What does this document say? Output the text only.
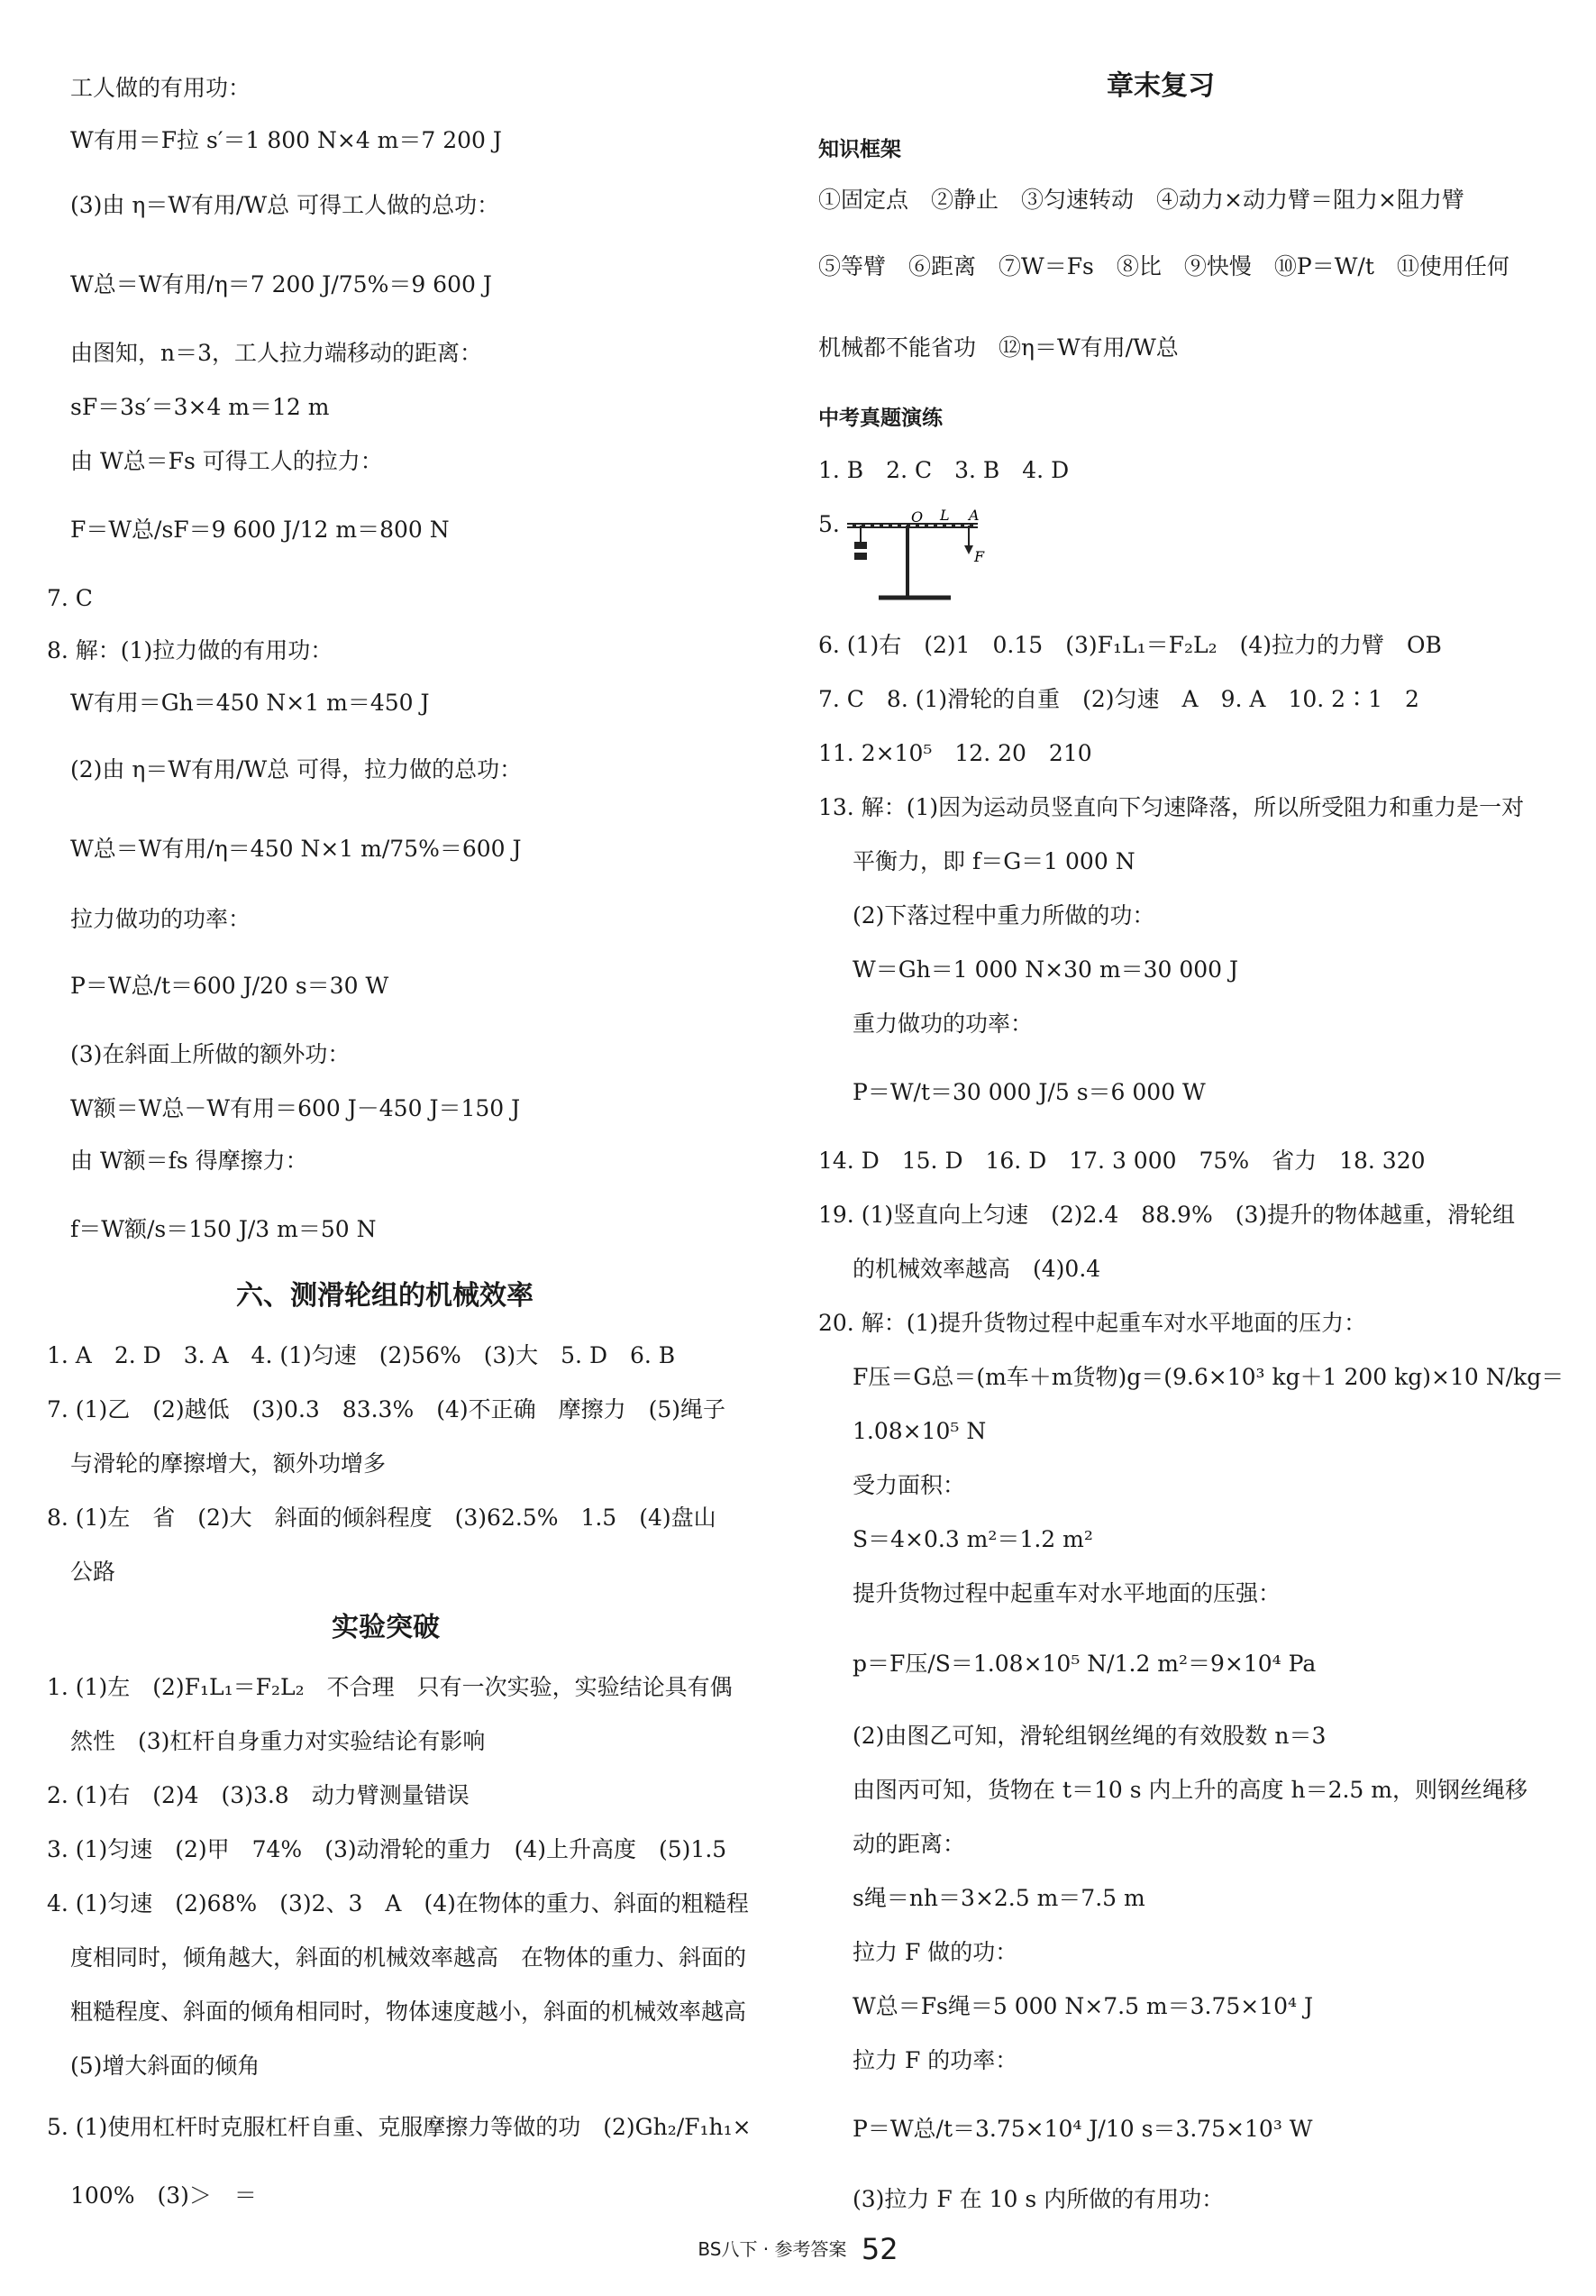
O L A
F
BS八下 · 参考答案 52
工人做的有用功：
W有用＝F拉 s′＝1 800 N×4 m＝7 200 J
(3)由 η＝W有用/W总 可得工人做的总功：
W总＝W有用/η＝7 200 J/75%＝9 600 J
由图知，n＝3，工人拉力端移动的距离：
sF＝3s′＝3×4 m＝12 m
由 W总＝Fs 可得工人的拉力：
F＝W总/sF＝9 600 J/12 m＝800 N
7. C
8. 解：(1)拉力做的有用功：
W有用＝Gh＝450 N×1 m＝450 J
(2)由 η＝W有用/W总 可得，拉力做的总功：
W总＝W有用/η＝450 N×1 m/75%＝600 J
拉力做功的功率：
P＝W总/t＝600 J/20 s＝30 W
(3)在斜面上所做的额外功：
W额＝W总－W有用＝600 J－450 J＝150 J
由 W额＝fs 得摩擦力：
f＝W额/s＝150 J/3 m＝50 N
六、测滑轮组的机械效率
1. A　2. D　3. A　4. (1)匀速　(2)56%　(3)大　5. D　6. B
7. (1)乙　(2)越低　(3)0.3　83.3%　(4)不正确　摩擦力　(5)绳子
与滑轮的摩擦增大，额外功增多
8. (1)左　省　(2)大　斜面的倾斜程度　(3)62.5%　1.5　(4)盘山
公路
实验突破
1. (1)左　(2)F₁L₁＝F₂L₂　不合理　只有一次实验，实验结论具有偶
然性　(3)杠杆自身重力对实验结论有影响
2. (1)右　(2)4　(3)3.8　动力臂测量错误
3. (1)匀速　(2)甲　74%　(3)动滑轮的重力　(4)上升高度　(5)1.5
4. (1)匀速　(2)68%　(3)2、3　A　(4)在物体的重力、斜面的粗糙程
度相同时，倾角越大，斜面的机械效率越高　在物体的重力、斜面的
粗糙程度、斜面的倾角相同时，物体速度越小，斜面的机械效率越高
(5)增大斜面的倾角
5. (1)使用杠杆时克服杠杆自重、克服摩擦力等做的功　(2)Gh₂/F₁h₁×
100%　(3)＞　＝
章末复习
知识框架
①固定点　②静止　③匀速转动　④动力×动力臂＝阻力×阻力臂
⑤等臂　⑥距离　⑦W＝Fs　⑧比　⑨快慢　⑩P＝W/t　⑪使用任何
机械都不能省功　⑫η＝W有用/W总
中考真题演练
1. B　2. C　3. B　4. D
5.
6. (1)右　(2)1　0.15　(3)F₁L₁＝F₂L₂　(4)拉力的力臂　OB
7. C　8. (1)滑轮的自重　(2)匀速　A　9. A　10. 2∶1　2
11. 2×10⁵　12. 20　210
13. 解：(1)因为运动员竖直向下匀速降落，所以所受阻力和重力是一对
平衡力，即 f＝G＝1 000 N
(2)下落过程中重力所做的功：
W＝Gh＝1 000 N×30 m＝30 000 J
重力做功的功率：
P＝W/t＝30 000 J/5 s＝6 000 W
14. D　15. D　16. D　17. 3 000　75%　省力　18. 320
19. (1)竖直向上匀速　(2)2.4　88.9%　(3)提升的物体越重，滑轮组
的机械效率越高　(4)0.4
20. 解：(1)提升货物过程中起重车对水平地面的压力：
F压＝G总＝(m车＋m货物)g＝(9.6×10³ kg＋1 200 kg)×10 N/kg＝
1.08×10⁵ N
受力面积：
S＝4×0.3 m²＝1.2 m²
提升货物过程中起重车对水平地面的压强：
p＝F压/S＝1.08×10⁵ N/1.2 m²＝9×10⁴ Pa
(2)由图乙可知，滑轮组钢丝绳的有效股数 n＝3
由图丙可知，货物在 t＝10 s 内上升的高度 h＝2.5 m，则钢丝绳移
动的距离：
s绳＝nh＝3×2.5 m＝7.5 m
拉力 F 做的功：
W总＝Fs绳＝5 000 N×7.5 m＝3.75×10⁴ J
拉力 F 的功率：
P＝W总/t＝3.75×10⁴ J/10 s＝3.75×10³ W
(3)拉力 F 在 10 s 内所做的有用功：
